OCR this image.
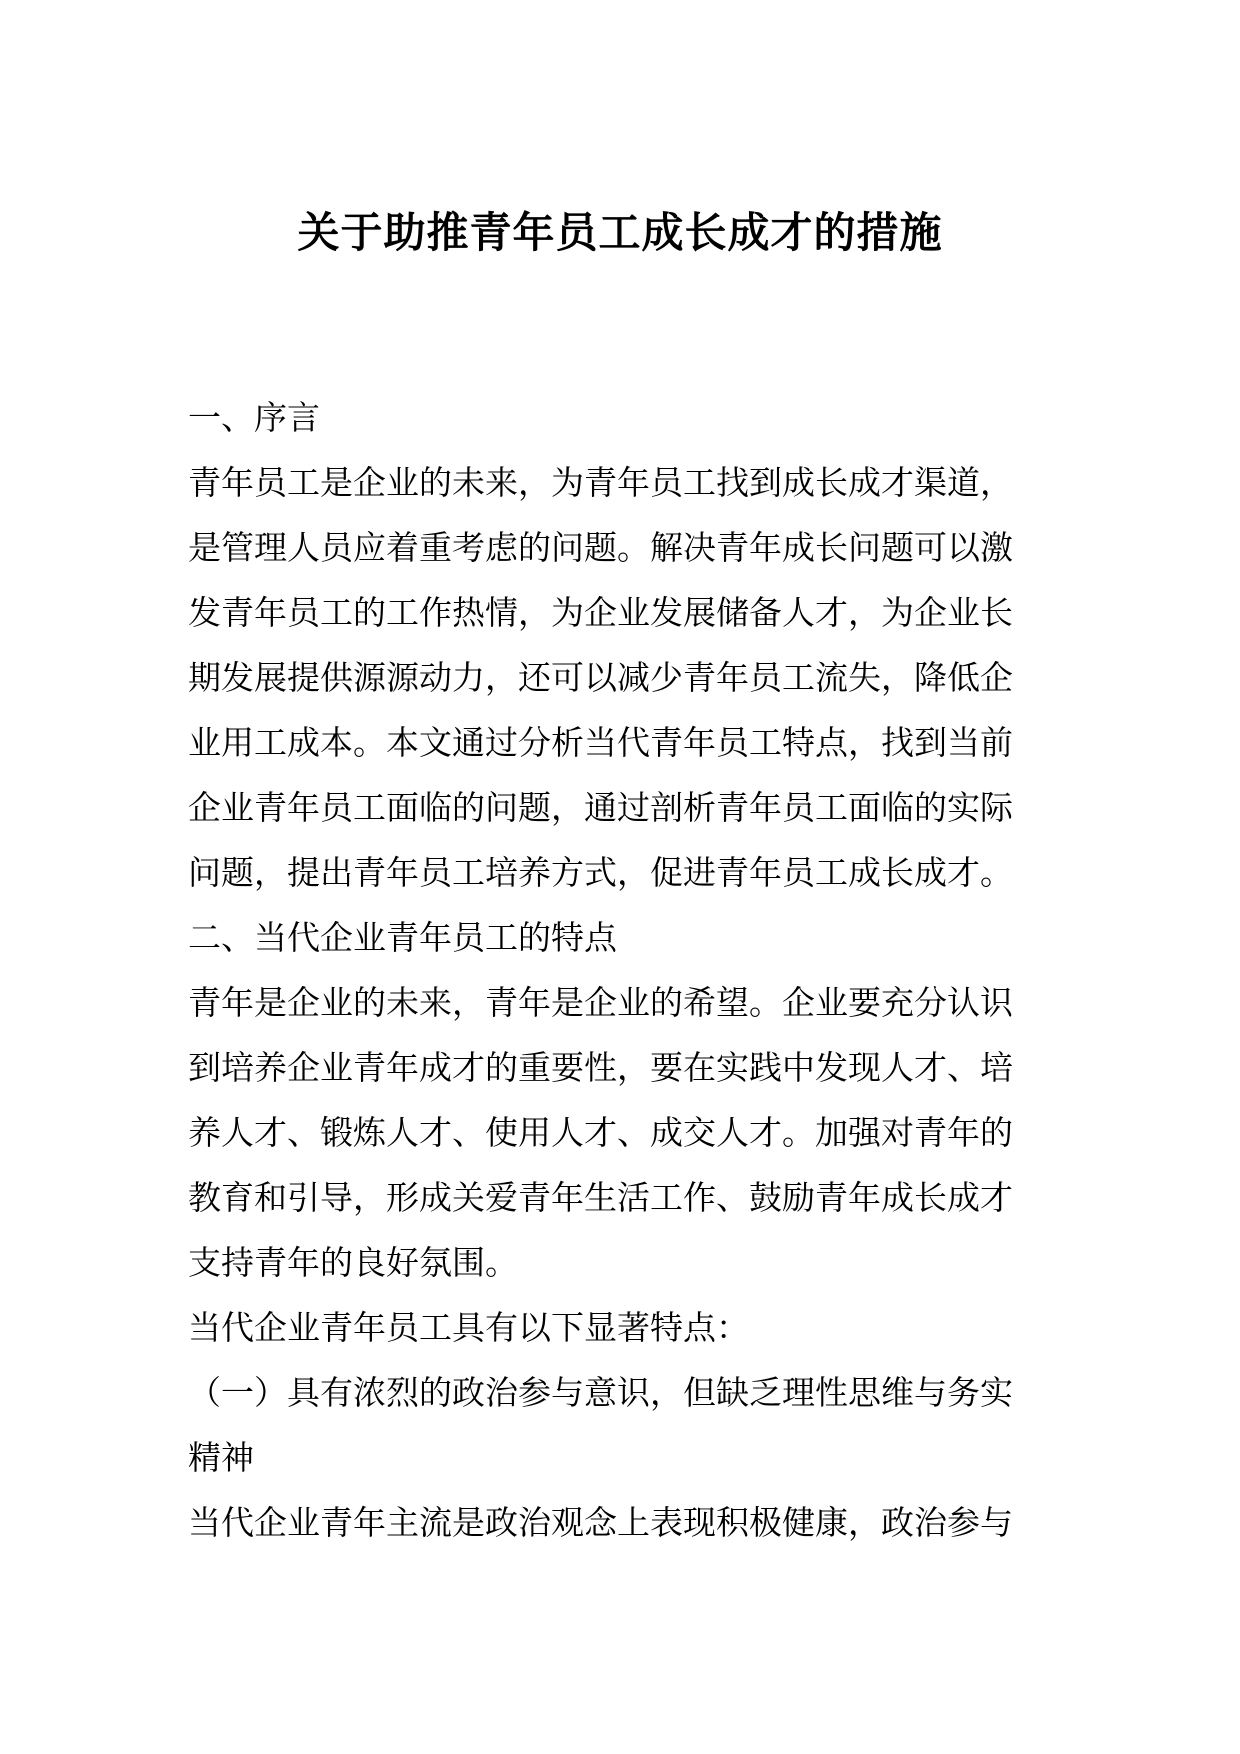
关于助推青年员工成长成才的措施
一、序言
青年员工是企业的未来，为青年员工找到成长成才渠道，
是管理人员应着重考虑的问题。解决青年成长问题可以激
发青年员工的工作热情，为企业发展储备人才，为企业长
期发展提供源源动力，还可以减少青年员工流失，降低企
业用工成本。本文通过分析当代青年员工特点，找到当前
企业青年员工面临的问题，通过剖析青年员工面临的实际
问题，提出青年员工培养方式，促进青年员工成长成才。
二、当代企业青年员工的特点
青年是企业的未来，青年是企业的希望。企业要充分认识
到培养企业青年成才的重要性，要在实践中发现人才、培
养人才、锻炼人才、使用人才、成交人才。加强对青年的
教育和引导，形成关爱青年生活工作、鼓励青年成长成才
支持青年的良好氛围。
当代企业青年员工具有以下显著特点：
（一）具有浓烈的政治参与意识，但缺乏理性思维与务实
精神
当代企业青年主流是政治观念上表现积极健康，政治参与
